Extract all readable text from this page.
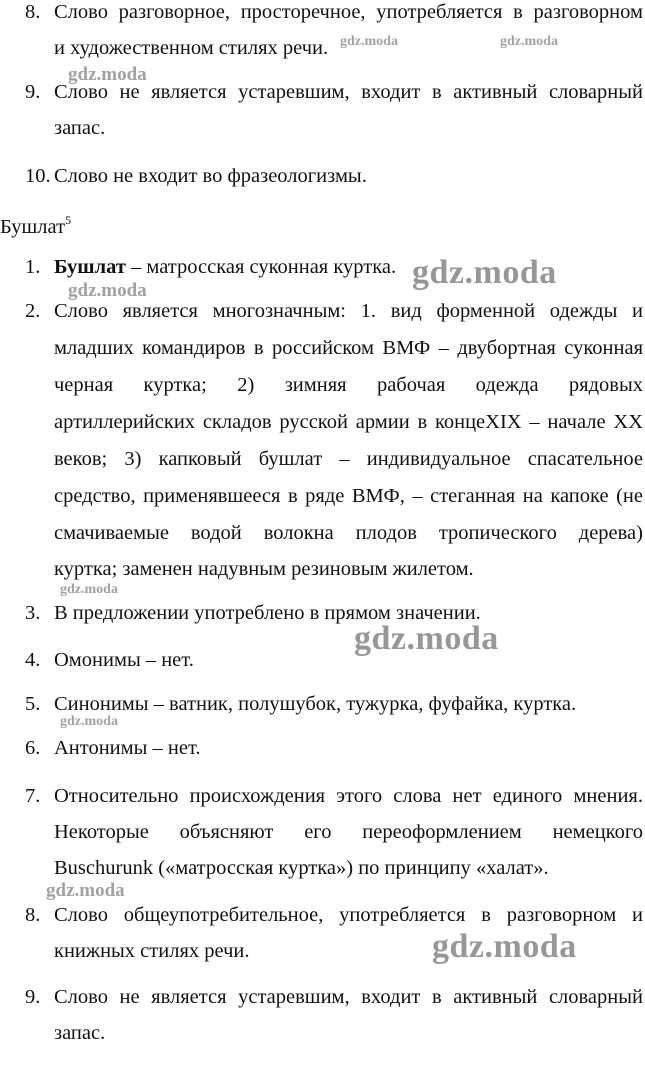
8. Слово разговорное, просторечное, употребляется в разговорном
и художественном стилях речи.
9. Слово не является устаревшим, входит в активный словарный
запас.
10. Слово не входит во фразеологизмы.
Бушлат$^5$
1. Бушлат – матросская суконная куртка.
2. Слово является многозначным: 1. вид форменной одежды и
младших командиров в российском ВМФ – двубортная суконная
черная куртка; 2) зимняя рабочая одежда рядовых
артиллерийских складов русской армии в концеXIX – начале XX
веков; 3) капковый бушлат – индивидуальное спасательное
средство, применявшееся в ряде ВМФ, – стеганная на капоке (не
смачиваемые водой волокна плодов тропического дерева)
куртка; заменен надувным резиновым жилетом.
3. В предложении употреблено в прямом значении.
4. Омонимы – нет.
5. Синонимы – ватник, полушубок, тужурка, фуфайка, куртка.
6. Антонимы – нет.
7. Относительно происхождения этого слова нет единого мнения.
Некоторые объясняют его переоформлением немецкого
Buschurunk («матросская куртка») по принципу «халат».
8. Слово общеупотребительное, употребляется в разговорном и
книжных стилях речи.
9. Слово не является устаревшим, входит в активный словарный
запас.
gdz.moda	gdz.moda
gdz.moda
gdz.moda
gdz.moda
gdz.moda
gdz.moda
gdz.moda
gdz.moda
gdz.moda
